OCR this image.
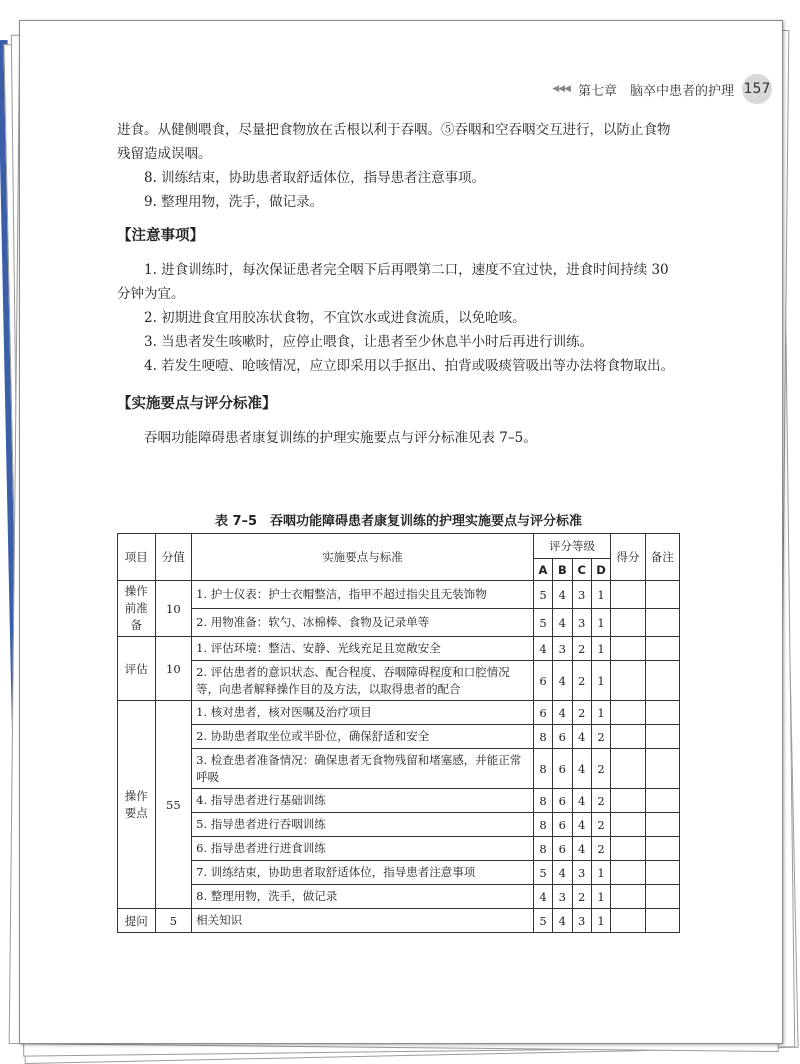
◀◀◀ 第七章　脑卒中患者的护理 157

进食。从健侧喂食，尽量把食物放在舌根以利于吞咽。⑤吞咽和空吞咽交互进行，以防止食物残留造成误咽。

8. 训练结束，协助患者取舒适体位，指导患者注意事项。

9. 整理用物，洗手，做记录。

【注意事项】

1. 进食训练时，每次保证患者完全咽下后再喂第二口，速度不宜过快，进食时间持续 30 分钟为宜。

2. 初期进食宜用胶冻状食物，不宜饮水或进食流质，以免呛咳。

3. 当患者发生咳嗽时，应停止喂食，让患者至少休息半小时后再进行训练。

4. 若发生哽噎、呛咳情况，应立即采用以手抠出、拍背或吸痰管吸出等办法将食物取出。

【实施要点与评分标准】

吞咽功能障碍患者康复训练的护理实施要点与评分标准见表 7–5。

表 7–5　吞咽功能障碍患者康复训练的护理实施要点与评分标准
项目	分值	实施要点与标准	评分等级				得分	备注
			A	B	C	D		
操作前准备	10	1. 护士仪表：护士衣帽整洁，指甲不超过指尖且无装饰物	5	4	3	1		
		2. 用物准备：软勺、冰棉棒、食物及记录单等	5	4	3	1		
评估	10	1. 评估环境：整洁、安静、光线充足且宽敞安全	4	3	2	1		
		2. 评估患者的意识状态、配合程度、吞咽障碍程度和口腔情况等，向患者解释操作目的及方法，以取得患者的配合	6	4	2	1		
操作要点	55	1. 核对患者，核对医嘱及治疗项目	6	4	2	1		
		2. 协助患者取坐位或半卧位，确保舒适和安全	8	6	4	2		
		3. 检查患者准备情况：确保患者无食物残留和堵塞感，并能正常呼吸	8	6	4	2		
		4. 指导患者进行基础训练	8	6	4	2		
		5. 指导患者进行吞咽训练	8	6	4	2		
		6. 指导患者进行进食训练	8	6	4	2		
		7. 训练结束，协助患者取舒适体位，指导患者注意事项	5	4	3	1		
		8. 整理用物，洗手，做记录	4	3	2	1		
提问	5	相关知识	5	4	3	1		
